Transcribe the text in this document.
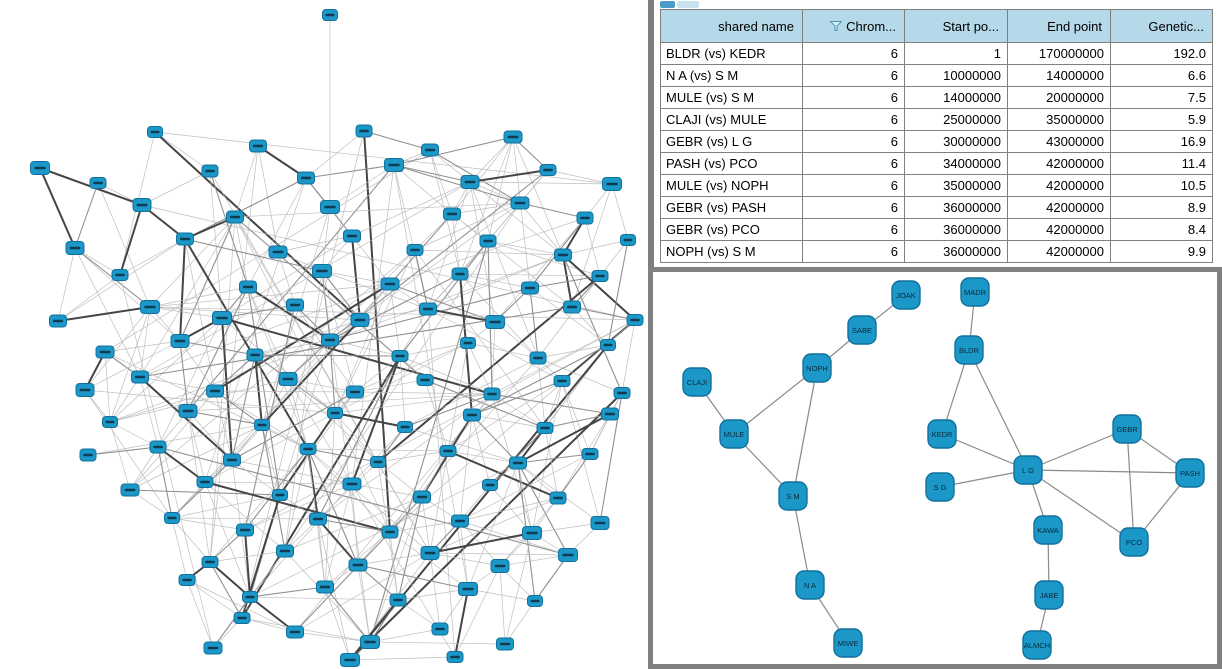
shared name	Chrom...	Start po...	End point	Genetic...

BLDR (vs) KEDR	6	1	170000000	192.0
N A (vs) S M	6	10000000	14000000	6.6
MULE (vs) S M	6	14000000	20000000	7.5
CLAJI (vs) MULE	6	25000000	35000000	5.9
GEBR (vs) L G	6	30000000	43000000	16.9
PASH (vs) PCO	6	34000000	42000000	11.4
MULE (vs) NOPH	6	35000000	42000000	10.5
GEBR (vs) PASH	6	36000000	42000000	8.9
GEBR (vs) PCO	6	36000000	42000000	8.4
NOPH (vs) S M	6	36000000	42000000	9.9
JOAK	MADR
SABE
NOPH
BLDR
CLAJI
MULE	KEDR
GEBR
S M
L G
S G
PASH
KAWA
PCO
N A
JABE
MIWE	ALMCH
